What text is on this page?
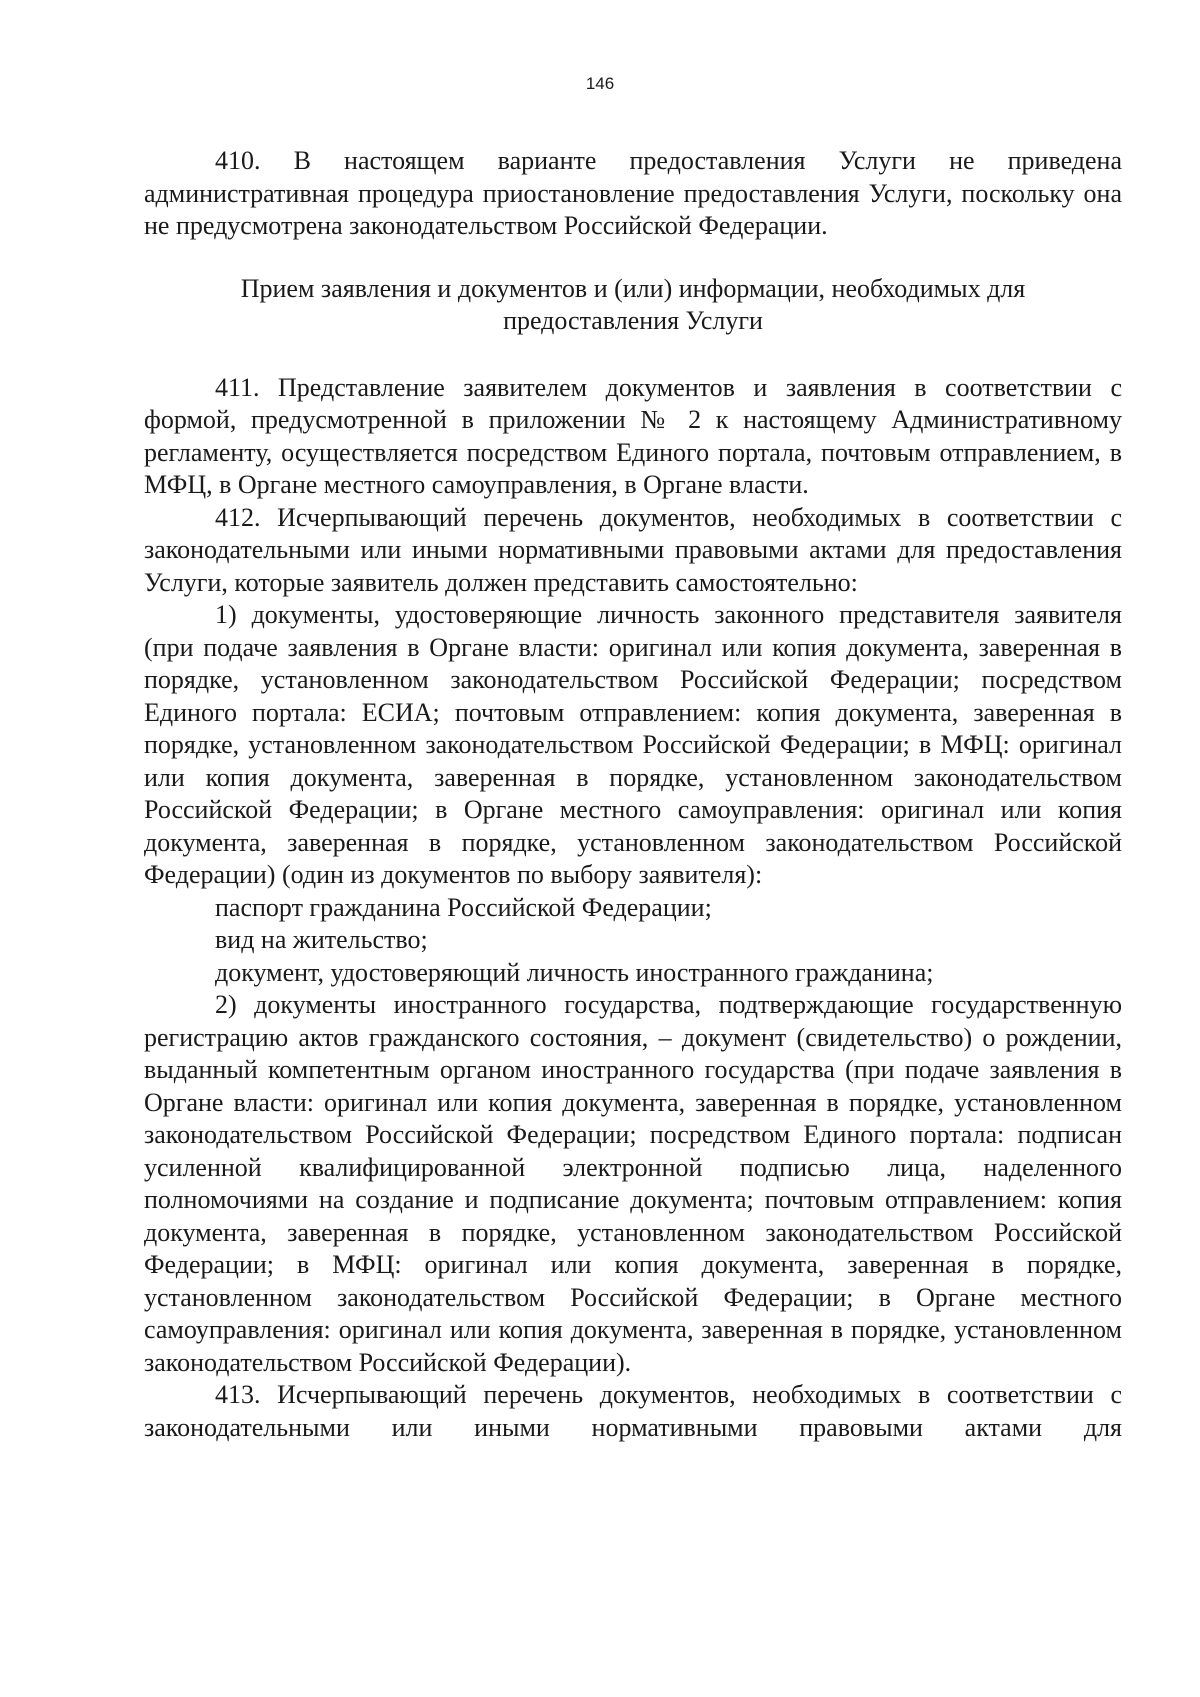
146

410. В настоящем варианте предоставления Услуги не приведена административная процедура приостановление предоставления Услуги, поскольку она не предусмотрена законодательством Российской Федерации.

Прием заявления и документов и (или) информации, необходимых для предоставления Услуги

411. Представление заявителем документов и заявления в соответствии с формой, предусмотренной в приложении № 2 к настоящему Административному регламенту, осуществляется посредством Единого портала, почтовым отправлением, в МФЦ, в Органе местного самоуправления, в Органе власти.

412. Исчерпывающий перечень документов, необходимых в соответствии с законодательными или иными нормативными правовыми актами для предоставления Услуги, которые заявитель должен представить самостоятельно:

1) документы, удостоверяющие личность законного представителя заявителя (при подаче заявления в Органе власти: оригинал или копия документа, заверенная в порядке, установленном законодательством Российской Федерации; посредством Единого портала: ЕСИА; почтовым отправлением: копия документа, заверенная в порядке, установленном законодательством Российской Федерации; в МФЦ: оригинал или копия документа, заверенная в порядке, установленном законодательством Российской Федерации; в Органе местного самоуправления: оригинал или копия документа, заверенная в порядке, установленном законодательством Российской Федерации) (один из документов по выбору заявителя):

паспорт гражданина Российской Федерации;

вид на жительство;

документ, удостоверяющий личность иностранного гражданина;

2) документы иностранного государства, подтверждающие государственную регистрацию актов гражданского состояния, – документ (свидетельство) о рождении, выданный компетентным органом иностранного государства (при подаче заявления в Органе власти: оригинал или копия документа, заверенная в порядке, установленном законодательством Российской Федерации; посредством Единого портала: подписан усиленной квалифицированной электронной подписью лица, наделенного полномочиями на создание и подписание документа; почтовым отправлением: копия документа, заверенная в порядке, установленном законодательством Российской Федерации; в МФЦ: оригинал или копия документа, заверенная в порядке, установленном законодательством Российской Федерации; в Органе местного самоуправления: оригинал или копия документа, заверенная в порядке, установленном законодательством Российской Федерации).

413. Исчерпывающий перечень документов, необходимых в соответствии с законодательными или иными нормативными правовыми актами для
